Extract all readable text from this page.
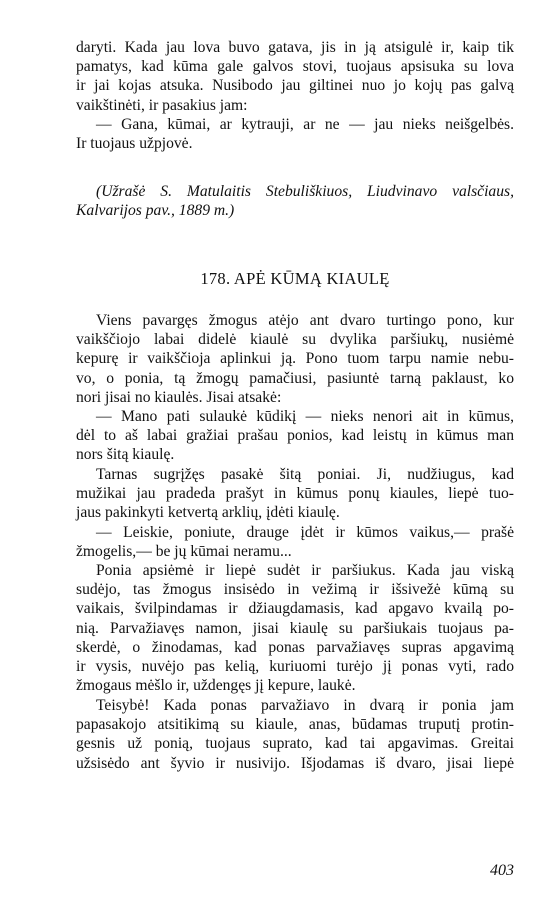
daryti. Kada jau lova buvo gatava, jis in ją atsigulė ir, kaip tik

pamatys, kad kūma gale galvos stovi, tuojaus apsisuka su lova

ir jai kojas atsuka. Nusibodo jau giltinei nuo jo kojų pas galvą

vaikštinėti, ir pasakius jam:

— Gana, kūmai, ar kytrauji, ar ne — jau nieks neišgelbės.

Ir tuojaus užpjovė.

(Užrašė S. Matulaitis Stebuliškiuos, Liudvinavo valsčiaus,

Kalvarijos pav., 1889 m.)

178. APĖ KŪMĄ KIAULĘ

Viens pavargęs žmogus atėjo ant dvaro turtingo pono, kur

vaikščiojo labai didelė kiaulė su dvylika paršiukų, nusiėmė

kepurę ir vaikščioja aplinkui ją. Pono tuom tarpu namie nebu-

vo, o ponia, tą žmogų pamačiusi, pasiuntė tarną paklaust, ko

nori jisai no kiaulės. Jisai atsakė:

— Mano pati sulaukė kūdikį — nieks nenori ait in kūmus,

dėl to aš labai gražiai prašau ponios, kad leistų in kūmus man

nors šitą kiaulę.

Tarnas sugrįžęs pasakė šitą poniai. Ji, nudžiugus, kad

mužikai jau pradeda prašyt in kūmus ponų kiaules, liepė tuo-

jaus pakinkyti ketvertą arklių, įdėti kiaulę.

— Leiskie, poniute, drauge įdėt ir kūmos vaikus,— prašė

žmogelis,— be jų kūmai neramu...

Ponia apsiėmė ir liepė sudėt ir paršiukus. Kada jau viską

sudėjo, tas žmogus insisėdo in vežimą ir išsivežė kūmą su

vaikais, švilpindamas ir džiaugdamasis, kad apgavo kvailą po-

nią. Parvažiavęs namon, jisai kiaulę su paršiukais tuojaus pa-

skerdė, o žinodamas, kad ponas parvažiavęs supras apgavimą

ir vysis, nuvėjo pas kelią, kuriuomi turėjo jį ponas vyti, rado

žmogaus mėšlo ir, uždengęs jį kepure, laukė.

Teisybė! Kada ponas parvažiavo in dvarą ir ponia jam

papasakojo atsitikimą su kiaule, anas, būdamas truputį protin-

gesnis už ponią, tuojaus suprato, kad tai apgavimas. Greitai

užsisėdo ant šyvio ir nusivijo. Išjodamas iš dvaro, jisai liepė

403
